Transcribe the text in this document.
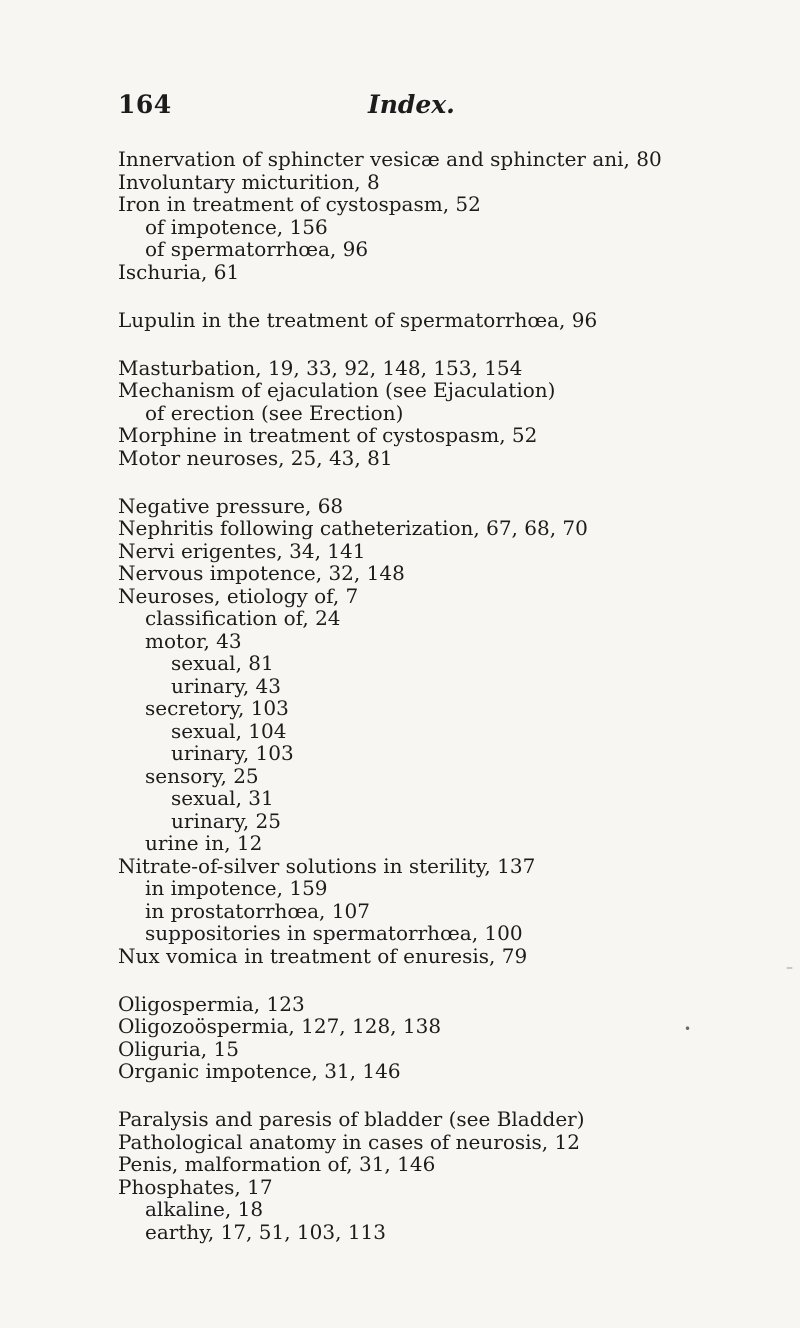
164	Index.
Innervation of sphincter vesicæ and sphincter ani, 80
Involuntary micturition, 8
Iron in treatment of cystospasm, 52
of impotence, 156
of spermatorrhœa, 96
Ischuria, 61
Lupulin in the treatment of spermatorrhœa, 96
Masturbation, 19, 33, 92, 148, 153, 154
Mechanism of ejaculation (see Ejaculation)
of erection (see Erection)
Morphine in treatment of cystospasm, 52
Motor neuroses, 25, 43, 81
Negative pressure, 68
Nephritis following catheterization, 67, 68, 70
Nervi erigentes, 34, 141
Nervous impotence, 32, 148
Neuroses, etiology of, 7
classification of, 24
motor, 43
sexual, 81
urinary, 43
secretory, 103
sexual, 104
urinary, 103
sensory, 25
sexual, 31
urinary, 25
urine in, 12
Nitrate-of-silver solutions in sterility, 137
in impotence, 159
in prostatorrhœa, 107
suppositories in spermatorrhœa, 100
Nux vomica in treatment of enuresis, 79
Oligospermia, 123
Oligozoöspermia, 127, 128, 138
Oliguria, 15
Organic impotence, 31, 146
Paralysis and paresis of bladder (see Bladder)
Pathological anatomy in cases of neurosis, 12
Penis, malformation of, 31, 146
Phosphates, 17
alkaline, 18
earthy, 17, 51, 103, 113
–
•
